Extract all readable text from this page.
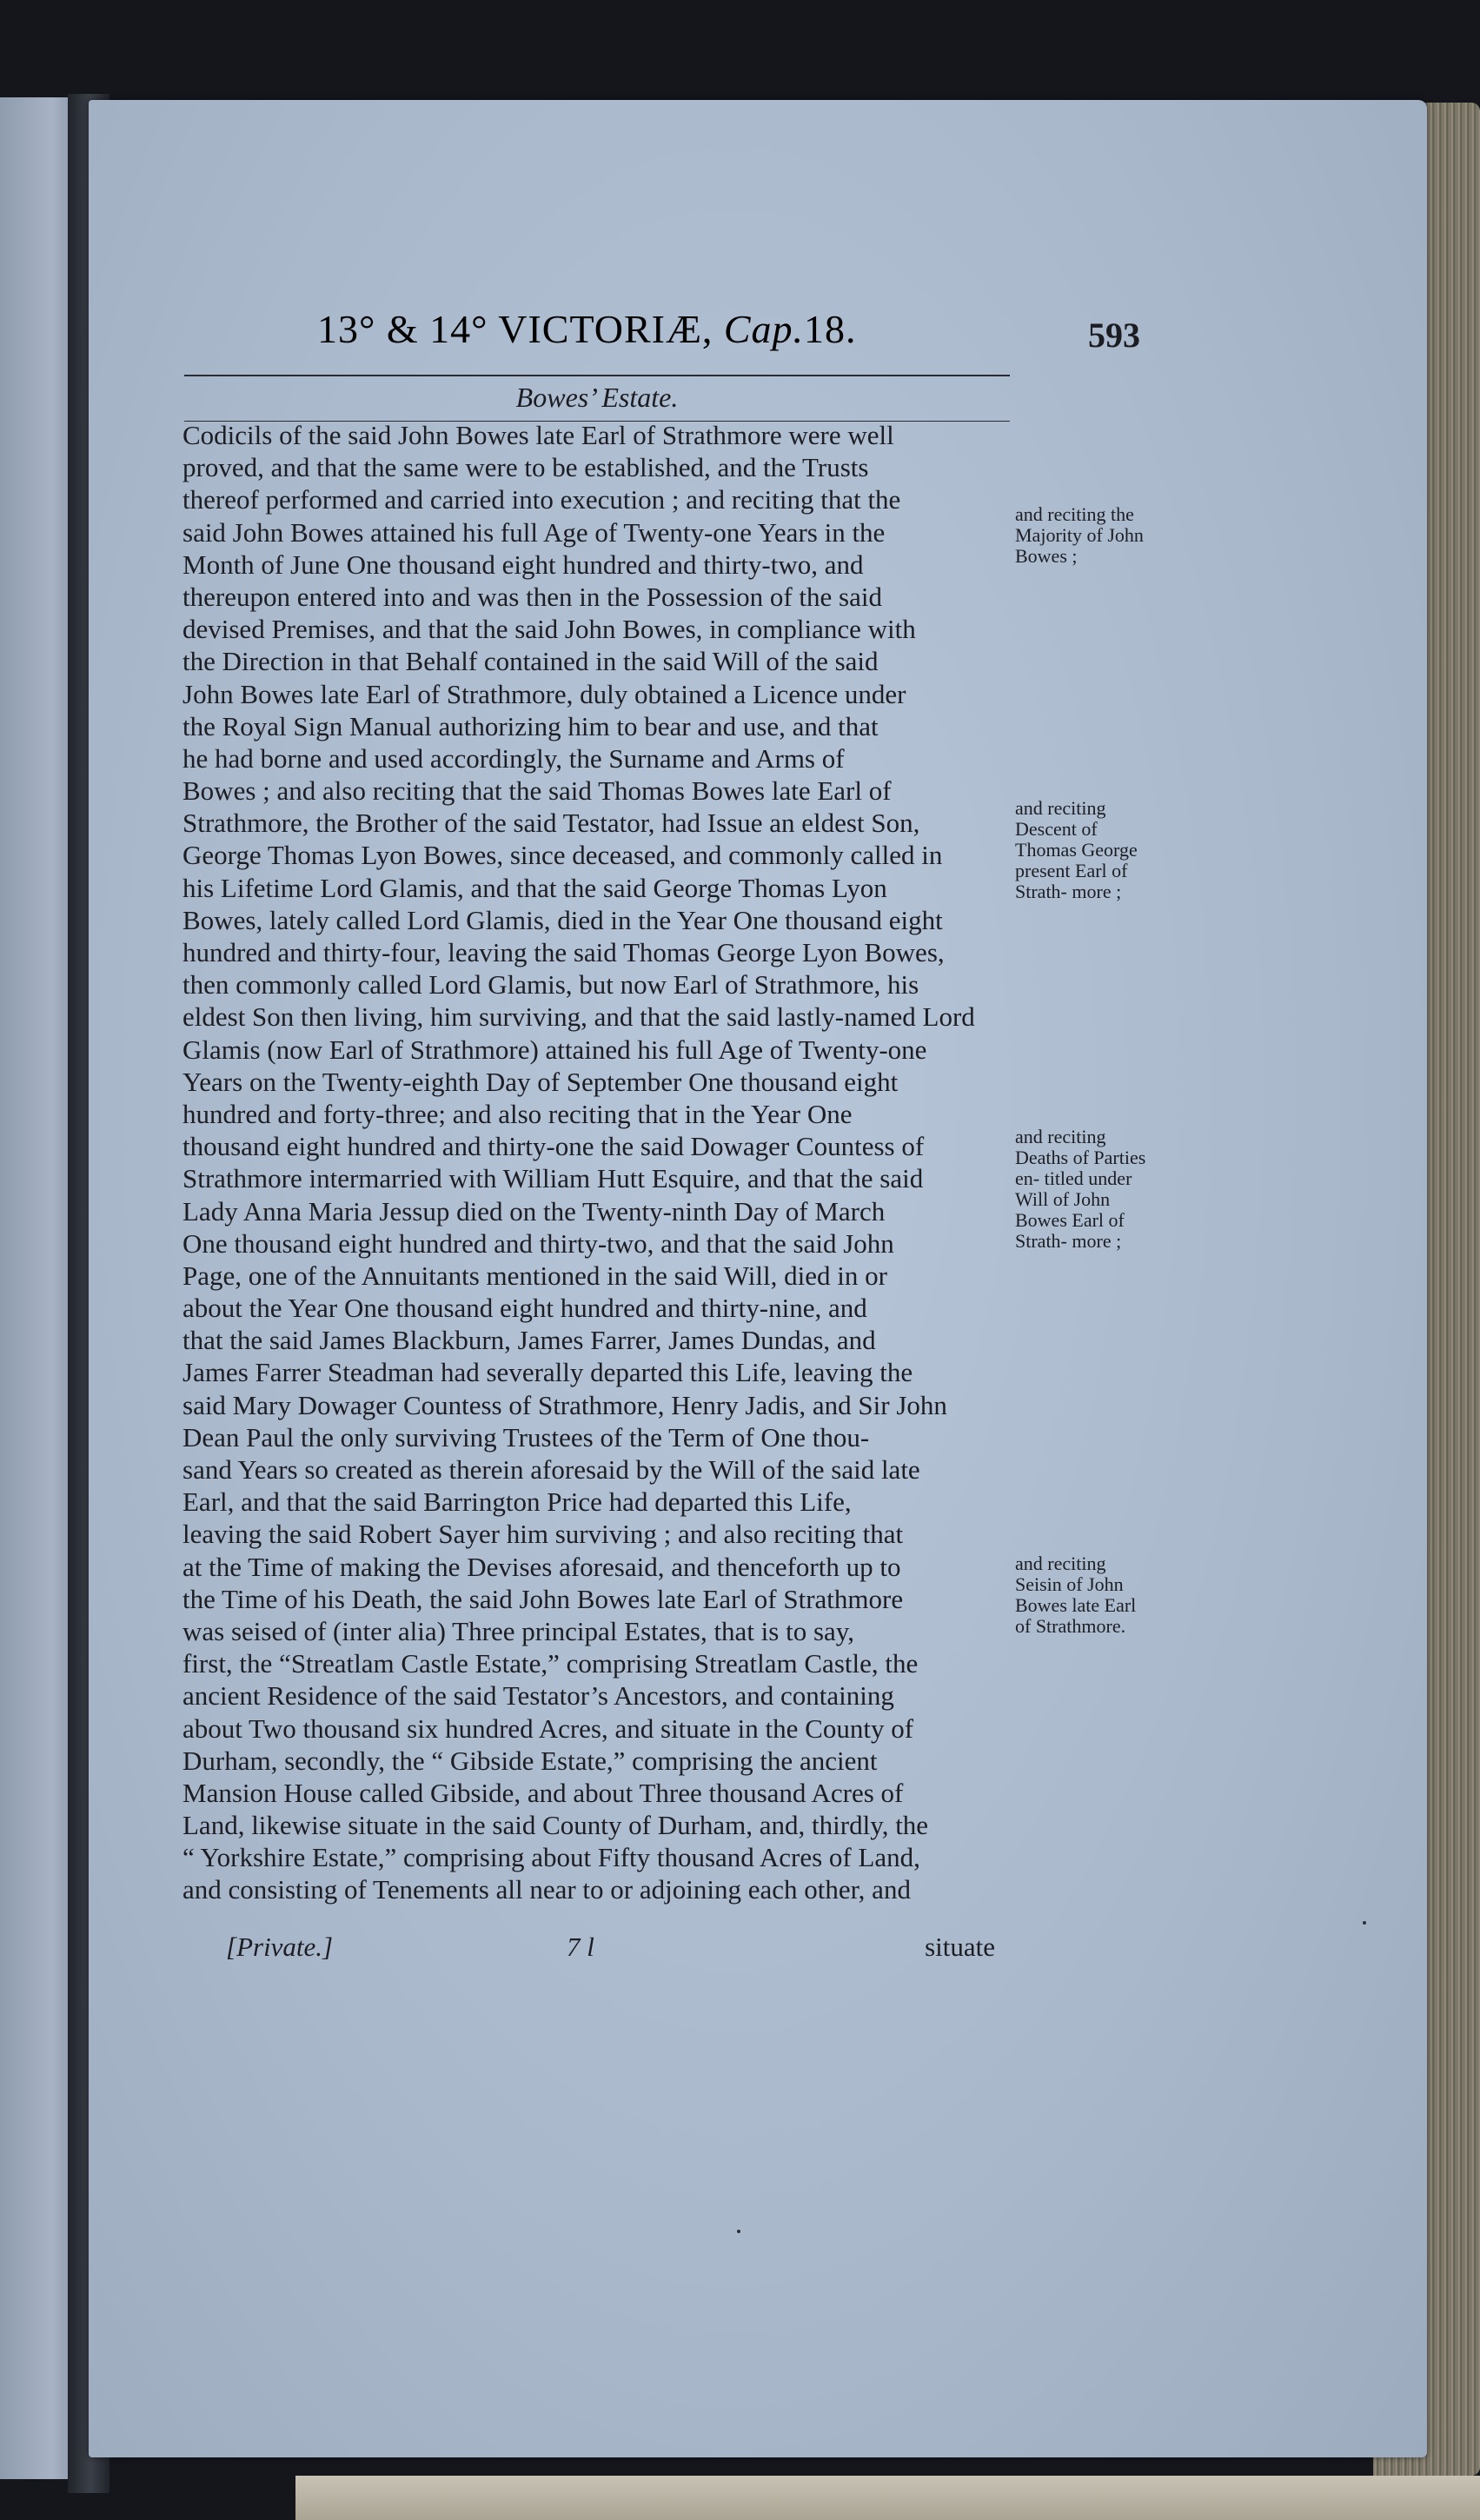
13° & 14° VICTORIÆ, Cap.18.	593
Bowes’ Estate.
Codicils of the said John Bowes late Earl of Strathmore were well
proved, and that the same were to be established, and the Trusts
thereof performed and carried into execution ; and reciting that the
said John Bowes attained his full Age of Twenty-one Years in the
Month of June One thousand eight hundred and thirty-two, and
thereupon entered into and was then in the Possession of the said
devised Premises, and that the said John Bowes, in compliance with
the Direction in that Behalf contained in the said Will of the said
John Bowes late Earl of Strathmore, duly obtained a Licence under
the Royal Sign Manual authorizing him to bear and use, and that
he had borne and used accordingly, the Surname and Arms of
Bowes ; and also reciting that the said Thomas Bowes late Earl of
Strathmore, the Brother of the said Testator, had Issue an eldest Son,
George Thomas Lyon Bowes, since deceased, and commonly called in
his Lifetime Lord Glamis, and that the said George Thomas Lyon
Bowes, lately called Lord Glamis, died in the Year One thousand eight
hundred and thirty-four, leaving the said Thomas George Lyon Bowes,
then commonly called Lord Glamis, but now Earl of Strathmore, his
eldest Son then living, him surviving, and that the said lastly-named Lord
Glamis (now Earl of Strathmore) attained his full Age of Twenty-one
Years on the Twenty-eighth Day of September One thousand eight
hundred and forty-three; and also reciting that in the Year One
thousand eight hundred and thirty-one the said Dowager Countess of
Strathmore intermarried with William Hutt Esquire, and that the said
Lady Anna Maria Jessup died on the Twenty-ninth Day of March
One thousand eight hundred and thirty-two, and that the said John
Page, one of the Annuitants mentioned in the said Will, died in or
about the Year One thousand eight hundred and thirty-nine, and
that the said James Blackburn, James Farrer, James Dundas, and
James Farrer Steadman had severally departed this Life, leaving the
said Mary Dowager Countess of Strathmore, Henry Jadis, and Sir John
Dean Paul the only surviving Trustees of the Term of One thou-
sand Years so created as therein aforesaid by the Will of the said late
Earl, and that the said Barrington Price had departed this Life,
leaving the said Robert Sayer him surviving ; and also reciting that
at the Time of making the Devises aforesaid, and thenceforth up to
the Time of his Death, the said John Bowes late Earl of Strathmore
was seised of (inter alia) Three principal Estates, that is to say,
first, the “Streatlam Castle Estate,” comprising Streatlam Castle, the
ancient Residence of the said Testator’s Ancestors, and containing
about Two thousand six hundred Acres, and situate in the County of
Durham, secondly, the “ Gibside Estate,” comprising the ancient
Mansion House called Gibside, and about Three thousand Acres of
Land, likewise situate in the said County of Durham, and, thirdly, the
“ Yorkshire Estate,” comprising about Fifty thousand Acres of Land,
and consisting of Tenements all near to or adjoining each other, and
and reciting the Majority of John Bowes ;
and reciting Descent of Thomas George present Earl of Strath- more ;
and reciting Deaths of Parties en- titled under Will of John Bowes Earl of Strath- more ;
and reciting Seisin of John Bowes late Earl of Strathmore.
[Private.]	7 l	situate
